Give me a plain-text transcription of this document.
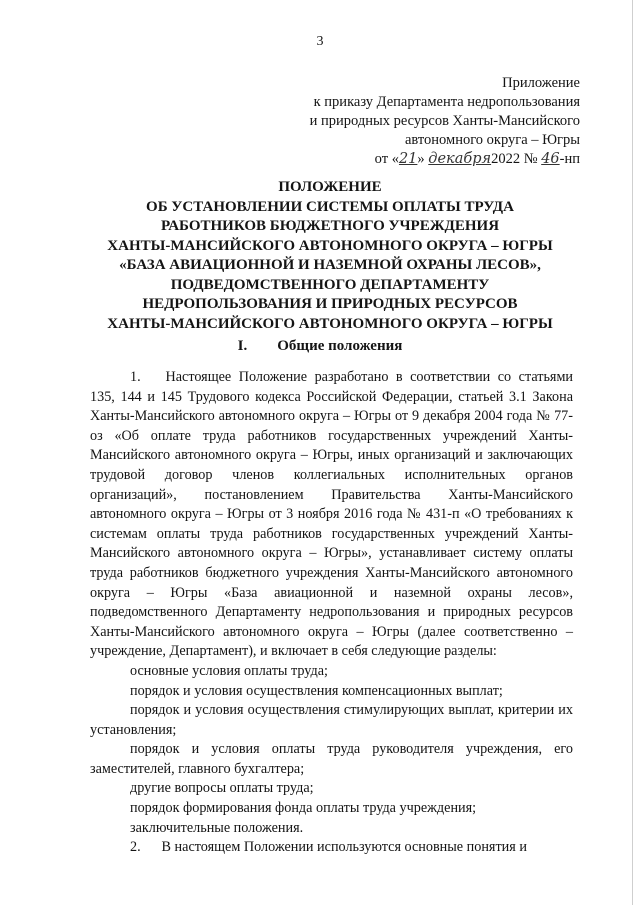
3
Приложение
к приказу Департамента недропользования
и природных ресурсов Ханты-Мансийского
автономного округа – Югры
от «21» декабря2022 № 46-нп
ПОЛОЖЕНИЕ
ОБ УСТАНОВЛЕНИИ СИСТЕМЫ ОПЛАТЫ ТРУДА
РАБОТНИКОВ БЮДЖЕТНОГО УЧРЕЖДЕНИЯ
ХАНТЫ-МАНСИЙСКОГО АВТОНОМНОГО ОКРУГА – ЮГРЫ
«БАЗА АВИАЦИОННОЙ И НАЗЕМНОЙ ОХРАНЫ ЛЕСОВ»,
ПОДВЕДОМСТВЕННОГО ДЕПАРТАМЕНТУ
НЕДРОПОЛЬЗОВАНИЯ И ПРИРОДНЫХ РЕСУРСОВ
ХАНТЫ-МАНСИЙСКОГО АВТОНОМНОГО ОКРУГА – ЮГРЫ
I. Общие положения

1. Настоящее Положение разработано в соответствии со статьями 135, 144 и 145 Трудового кодекса Российской Федерации, статьей 3.1 Закона Ханты-Мансийского автономного округа – Югры от 9 декабря 2004 года № 77-оз «Об оплате труда работников государственных учреждений Ханты-Мансийского автономного округа – Югры, иных организаций и заключающих трудовой договор членов коллегиальных исполнительных органов организаций», постановлением Правительства Ханты-Мансийского автономного округа – Югры от 3 ноября 2016 года № 431-п «О требованиях к системам оплаты труда работников государственных учреждений Ханты-Мансийского автономного округа – Югры», устанавливает систему оплаты труда работников бюджетного учреждения Ханты-Мансийского автономного округа – Югры «База авиационной и наземной охраны лесов», подведомственного Департаменту недропользования и природных ресурсов Ханты-Мансийского автономного округа – Югры (далее соответственно – учреждение, Департамент), и включает в себя следующие разделы:

основные условия оплаты труда;

порядок и условия осуществления компенсационных выплат;

порядок и условия осуществления стимулирующих выплат, критерии их установления;

порядок и условия оплаты труда руководителя учреждения, его заместителей, главного бухгалтера;

другие вопросы оплаты труда;

порядок формирования фонда оплаты труда учреждения;

заключительные положения.

2. В настоящем Положении используются основные понятия и
